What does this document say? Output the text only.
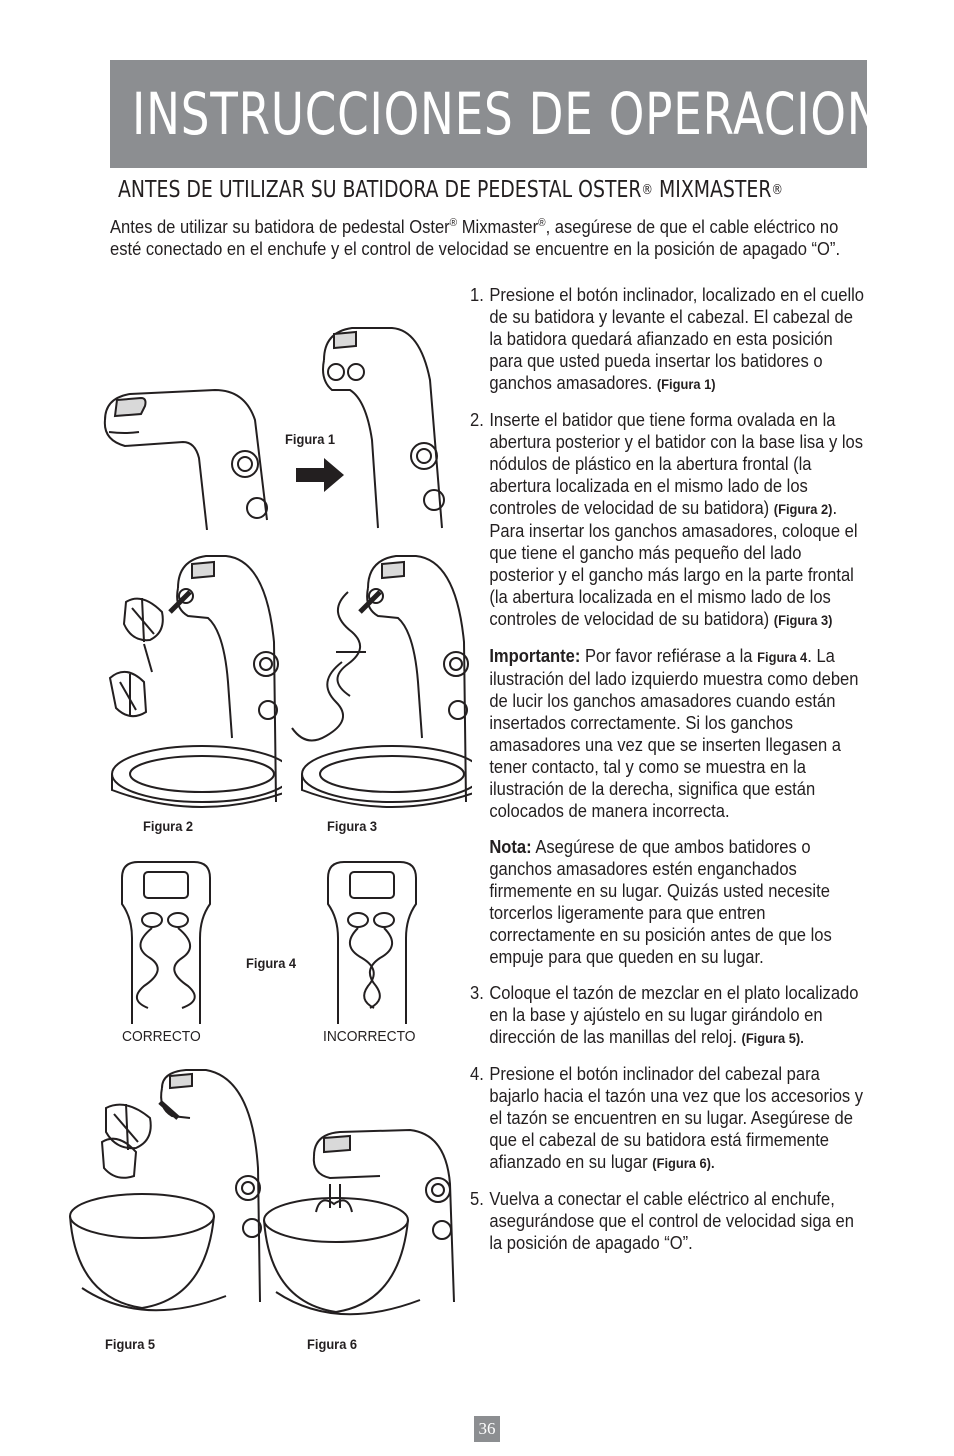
INSTRUCCIONES DE OPERACION
ANTES DE UTILIZAR SU BATIDORA DE PEDESTAL OSTER® MIXMASTER®

Antes de utilizar su batidora de pedestal Oster® Mixmaster®, asegúrese de que el cable eléctrico no esté conectado en el enchufe y el control de velocidad se encuentre en la posición de apagado “O”.

1. Presione el botón inclinador, localizado en el cuello de su batidora y levante el cabezal. El cabezal de la batidora quedará afianzado en esta posición para que usted pueda insertar los batidores o ganchos amasadores. (Figura 1)
2. Inserte el batidor que tiene forma ovalada en la abertura posterior y el batidor con la base lisa y los nódulos de plástico en la abertura frontal (la abertura localizada en el mismo lado de los controles de velocidad de su batidora) (Figura 2). Para insertar los ganchos amasadores, coloque el que tiene el gancho más pequeño del lado posterior y el gancho más largo en la parte frontal (la abertura localizada en el mismo lado de los controles de velocidad de su batidora) (Figura 3)

Importante: Por favor refiérase a la Figura 4. La ilustración del lado izquierdo muestra como deben de lucir los ganchos amasadores cuando están insertados correctamente. Si los ganchos amasadores una vez que se inserten llegasen a tener contacto, tal y como se muestra en la ilustración de la derecha, significa que están colocados de manera incorrecta.

Nota: Asegúrese de que ambos batidores o ganchos amasadores estén enganchados firmemente en su lugar. Quizás usted necesite torcerlos ligeramente para que entren correctamente en su posición antes de que los empuje para que queden en su lugar.

3. Coloque el tazón de mezclar en el plato localizado en la base y ajústelo en su lugar girándolo en dirección de las manillas del reloj. (Figura 5).
4. Presione el botón inclinador del cabezal para bajarlo hacia el tazón una vez que los accesorios y el tazón se encuentren en su lugar. Asegúrese de que el cabezal de su batidora está firmemente afianzado en su lugar (Figura 6).
5. Vuelva a conectar el cable eléctrico al enchufe, asegurándose que el control de velocidad siga en la posición de apagado “O”.
Figura 1
Figura 2	Figura 3
Figura 4
CORRECTO	INCORRECTO
Figura 5	Figura 6
36
